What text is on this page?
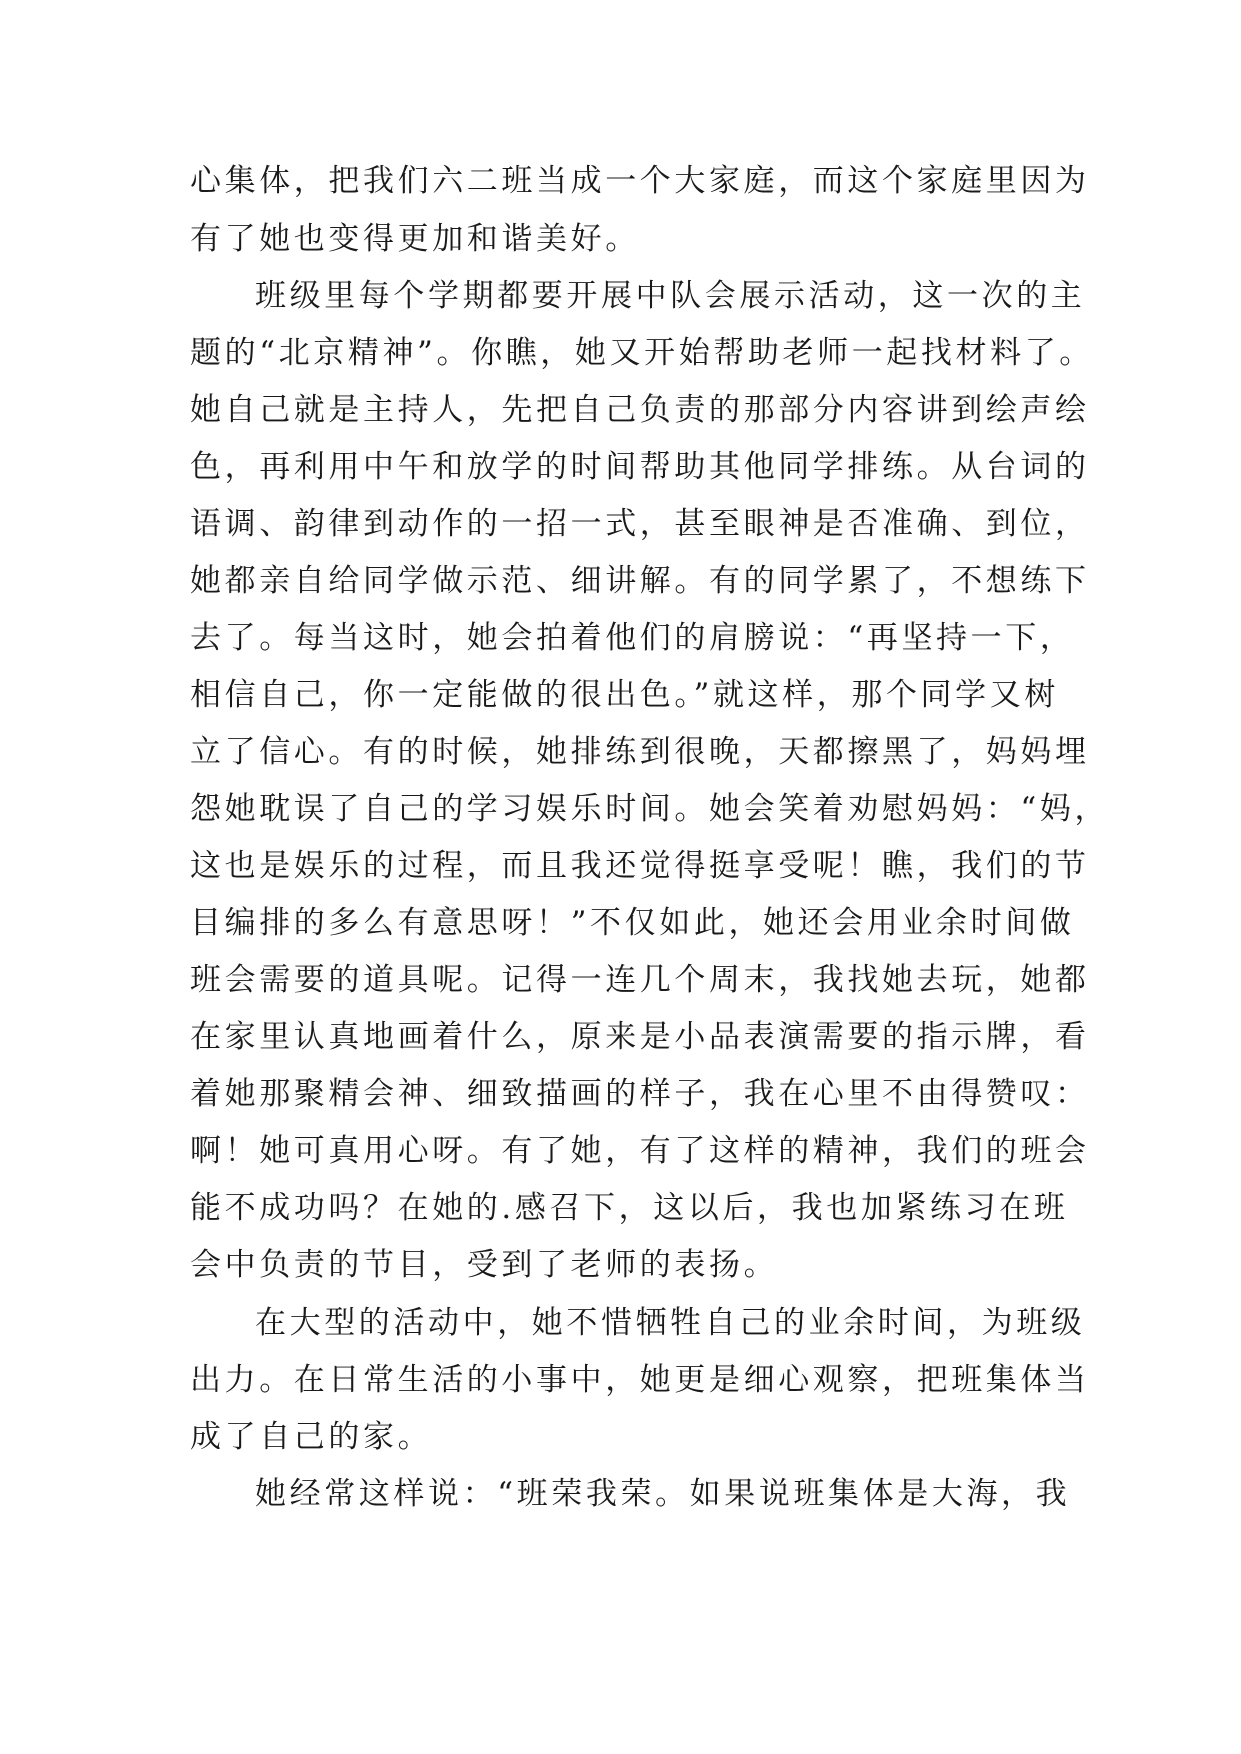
心集体，把我们六二班当成一个大家庭，而这个家庭里因为
有了她也变得更加和谐美好。
班级里每个学期都要开展中队会展示活动，这一次的主
题的“北京精神”。你瞧，她又开始帮助老师一起找材料了。
她自己就是主持人，先把自己负责的那部分内容讲到绘声绘
色，再利用中午和放学的时间帮助其他同学排练。从台词的
语调、韵律到动作的一招一式，甚至眼神是否准确、到位，
她都亲自给同学做示范、细讲解。有的同学累了，不想练下
去了。每当这时，她会拍着他们的肩膀说：“再坚持一下，
相信自己，你一定能做的很出色。”就这样，那个同学又树
立了信心。有的时候，她排练到很晚，天都擦黑了，妈妈埋
怨她耽误了自己的学习娱乐时间。她会笑着劝慰妈妈：“妈，
这也是娱乐的过程，而且我还觉得挺享受呢！瞧，我们的节
目编排的多么有意思呀！”不仅如此，她还会用业余时间做
班会需要的道具呢。记得一连几个周末，我找她去玩，她都
在家里认真地画着什么，原来是小品表演需要的指示牌，看
着她那聚精会神、细致描画的样子，我在心里不由得赞叹：
啊！她可真用心呀。有了她，有了这样的精神，我们的班会
能不成功吗？在她的.感召下，这以后，我也加紧练习在班
会中负责的节目，受到了老师的表扬。
在大型的活动中，她不惜牺牲自己的业余时间，为班级
出力。在日常生活的小事中，她更是细心观察，把班集体当
成了自己的家。
她经常这样说：“班荣我荣。如果说班集体是大海，我
